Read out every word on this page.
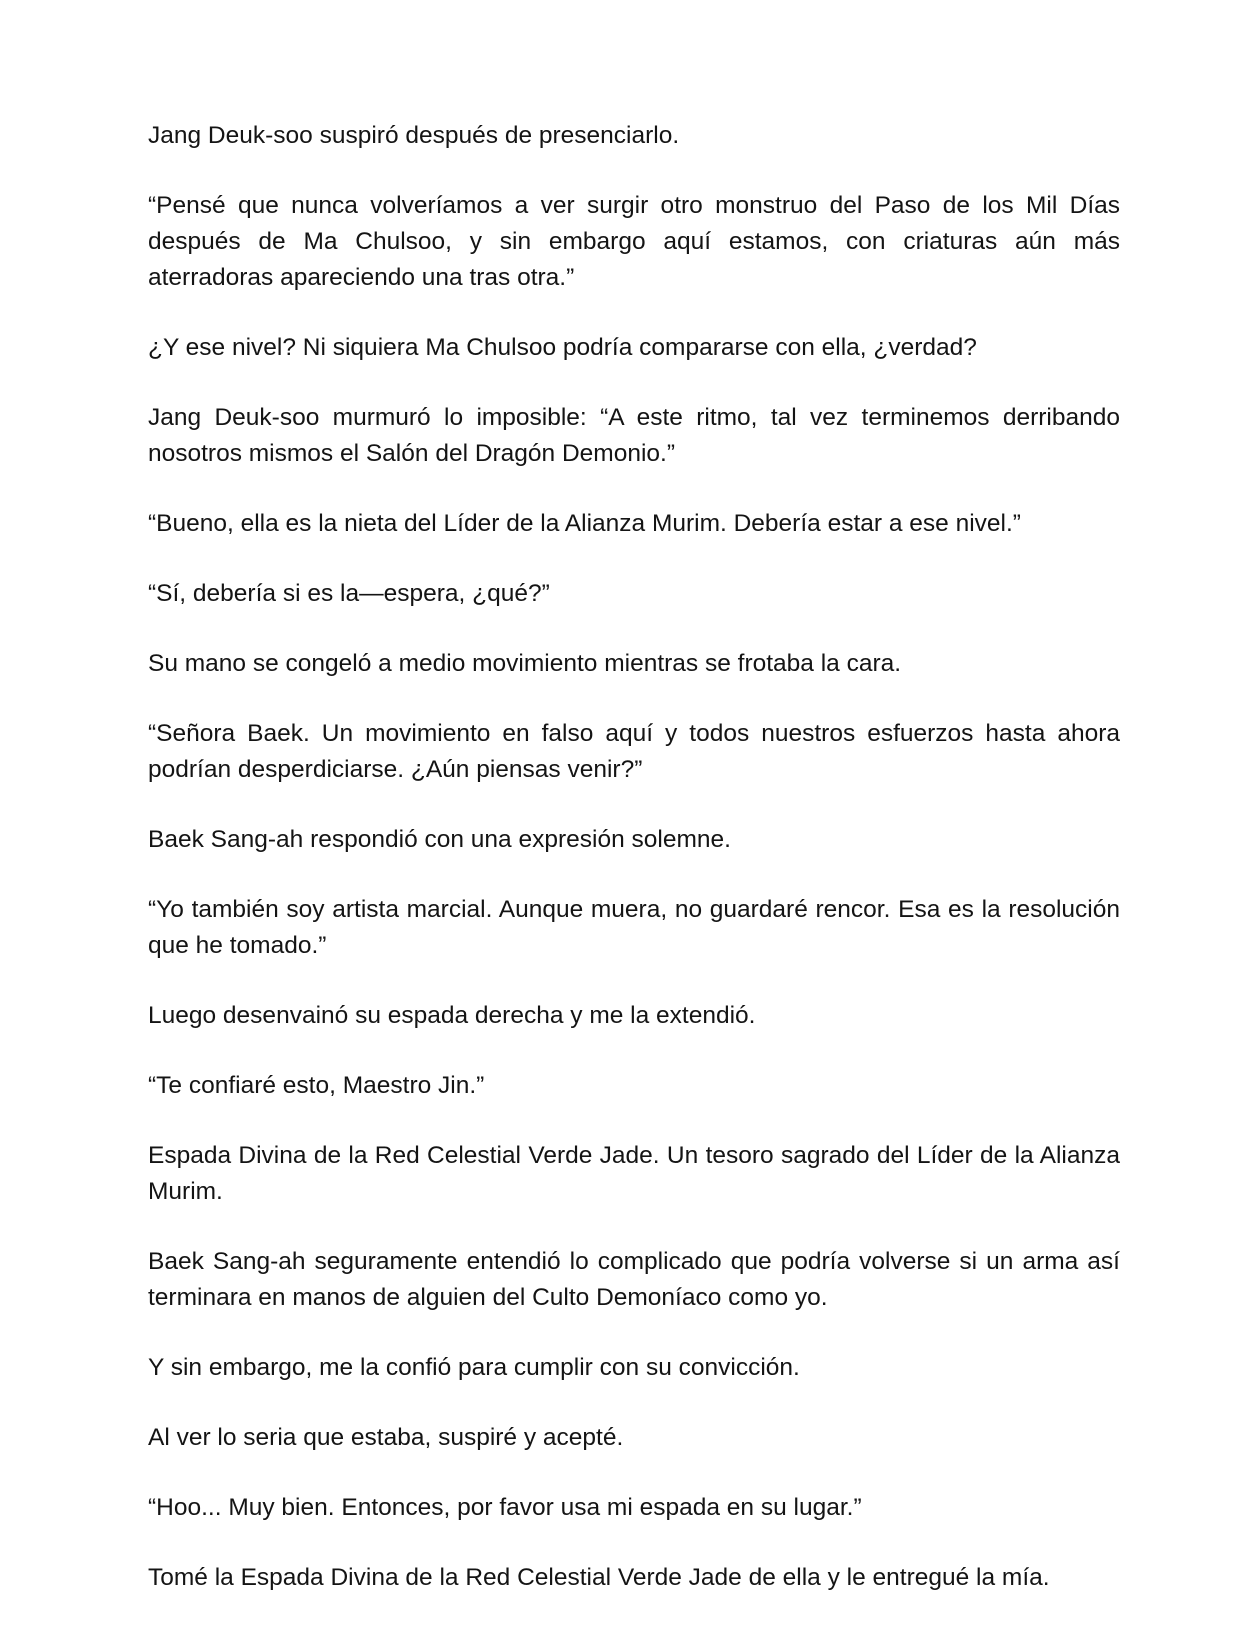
Jang Deuk-soo suspiró después de presenciarlo.

“Pensé que nunca volveríamos a ver surgir otro monstruo del Paso de los Mil Días después de Ma Chulsoo, y sin embargo aquí estamos, con criaturas aún más aterradoras apareciendo una tras otra.”

¿Y ese nivel? Ni siquiera Ma Chulsoo podría compararse con ella, ¿verdad?

Jang Deuk-soo murmuró lo imposible: “A este ritmo, tal vez terminemos derribando nosotros mismos el Salón del Dragón Demonio.”

“Bueno, ella es la nieta del Líder de la Alianza Murim. Debería estar a ese nivel.”

“Sí, debería si es la—espera, ¿qué?”

Su mano se congeló a medio movimiento mientras se frotaba la cara.

“Señora Baek. Un movimiento en falso aquí y todos nuestros esfuerzos hasta ahora podrían desperdiciarse. ¿Aún piensas venir?”

Baek Sang-ah respondió con una expresión solemne.

“Yo también soy artista marcial. Aunque muera, no guardaré rencor. Esa es la resolución que he tomado.”

Luego desenvainó su espada derecha y me la extendió.

“Te confiaré esto, Maestro Jin.”

Espada Divina de la Red Celestial Verde Jade. Un tesoro sagrado del Líder de la Alianza Murim.

Baek Sang-ah seguramente entendió lo complicado que podría volverse si un arma así terminara en manos de alguien del Culto Demoníaco como yo.

Y sin embargo, me la confió para cumplir con su convicción.

Al ver lo seria que estaba, suspiré y acepté.

“Hoo... Muy bien. Entonces, por favor usa mi espada en su lugar.”

Tomé la Espada Divina de la Red Celestial Verde Jade de ella y le entregué la mía.
